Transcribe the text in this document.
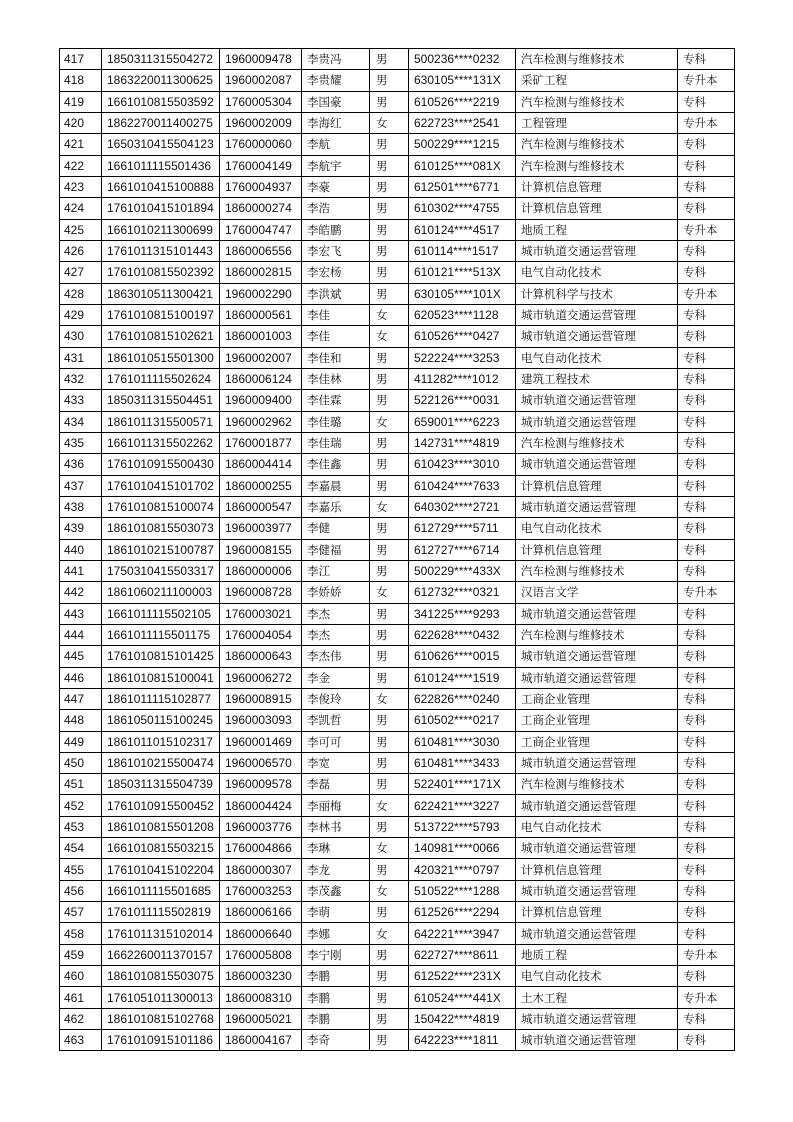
417	1850311315504272	1960009478	李贵冯	男	500236****0232	汽车检测与维修技术	专科
418	1863220011300625	1960002087	李贵耀	男	630105****131X	采矿工程	专升本
419	1661010815503592	1760005304	李国豪	男	610526****2219	汽车检测与维修技术	专科
420	1862270011400275	1960002009	李海红	女	622723****2541	工程管理	专升本
421	1650310415504123	1760000060	李航	男	500229****1215	汽车检测与维修技术	专科
422	1661011115501436	1760004149	李航宇	男	610125****081X	汽车检测与维修技术	专科
423	1661010415100888	1760004937	李豪	男	612501****6771	计算机信息管理	专科
424	1761010415101894	1860000274	李浩	男	610302****4755	计算机信息管理	专科
425	1661010211300699	1760004747	李皓鹏	男	610124****4517	地质工程	专升本
426	1761011315101443	1860006556	李宏飞	男	610114****1517	城市轨道交通运营管理	专科
427	1761010815502392	1860002815	李宏杨	男	610121****513X	电气自动化技术	专科
428	1863010511300421	1960002290	李洪斌	男	630105****101X	计算机科学与技术	专升本
429	1761010815100197	1860000561	李佳	女	620523****1128	城市轨道交通运营管理	专科
430	1761010815102621	1860001003	李佳	女	610526****0427	城市轨道交通运营管理	专科
431	1861010515501300	1960002007	李佳和	男	522224****3253	电气自动化技术	专科
432	1761011115502624	1860006124	李佳林	男	411282****1012	建筑工程技术	专科
433	1850311315504451	1960009400	李佳霖	男	522126****0031	城市轨道交通运营管理	专科
434	1861011315500571	1960002962	李佳璐	女	659001****6223	城市轨道交通运营管理	专科
435	1661011315502262	1760001877	李佳瑞	男	142731****4819	汽车检测与维修技术	专科
436	1761010915500430	1860004414	李佳鑫	男	610423****3010	城市轨道交通运营管理	专科
437	1761010415101702	1860000255	李嘉晨	男	610424****7633	计算机信息管理	专科
438	1761010815100074	1860000547	李嘉乐	女	640302****2721	城市轨道交通运营管理	专科
439	1861010815503073	1960003977	李健	男	612729****5711	电气自动化技术	专科
440	1861010215100787	1960008155	李健福	男	612727****6714	计算机信息管理	专科
441	1750310415503317	1860000006	李江	男	500229****433X	汽车检测与维修技术	专科
442	1861060211100003	1960008728	李娇娇	女	612732****0321	汉语言文学	专升本
443	1661011115502105	1760003021	李杰	男	341225****9293	城市轨道交通运营管理	专科
444	1661011115501175	1760004054	李杰	男	622628****0432	汽车检测与维修技术	专科
445	1761010815101425	1860000643	李杰伟	男	610626****0015	城市轨道交通运营管理	专科
446	1861010815100041	1960006272	李金	男	610124****1519	城市轨道交通运营管理	专科
447	1861011115102877	1960008915	李俊玲	女	622826****0240	工商企业管理	专科
448	1861050115100245	1960003093	李凯哲	男	610502****0217	工商企业管理	专科
449	1861011015102317	1960001469	李可可	男	610481****3030	工商企业管理	专科
450	1861010215500474	1960006570	李宽	男	610481****3433	城市轨道交通运营管理	专科
451	1850311315504739	1960009578	李磊	男	522401****171X	汽车检测与维修技术	专科
452	1761010915500452	1860004424	李丽梅	女	622421****3227	城市轨道交通运营管理	专科
453	1861010815501208	1960003776	李林书	男	513722****5793	电气自动化技术	专科
454	1661010815503215	1760004866	李琳	女	140981****0066	城市轨道交通运营管理	专科
455	1761010415102204	1860000307	李龙	男	420321****0797	计算机信息管理	专科
456	1661011115501685	1760003253	李茂鑫	女	510522****1288	城市轨道交通运营管理	专科
457	1761011115502819	1860006166	李萌	男	612526****2294	计算机信息管理	专科
458	1761011315102014	1860006640	李娜	女	642221****3947	城市轨道交通运营管理	专科
459	1662260011370157	1760005808	李宁刚	男	622727****8611	地质工程	专升本
460	1861010815503075	1860003230	李鹏	男	612522****231X	电气自动化技术	专科
461	1761051011300013	1860008310	李鹏	男	610524****441X	土木工程	专升本
462	1861010815102768	1960005021	李鹏	男	150422****4819	城市轨道交通运营管理	专科
463	1761010915101186	1860004167	李奇	男	642223****1811	城市轨道交通运营管理	专科
